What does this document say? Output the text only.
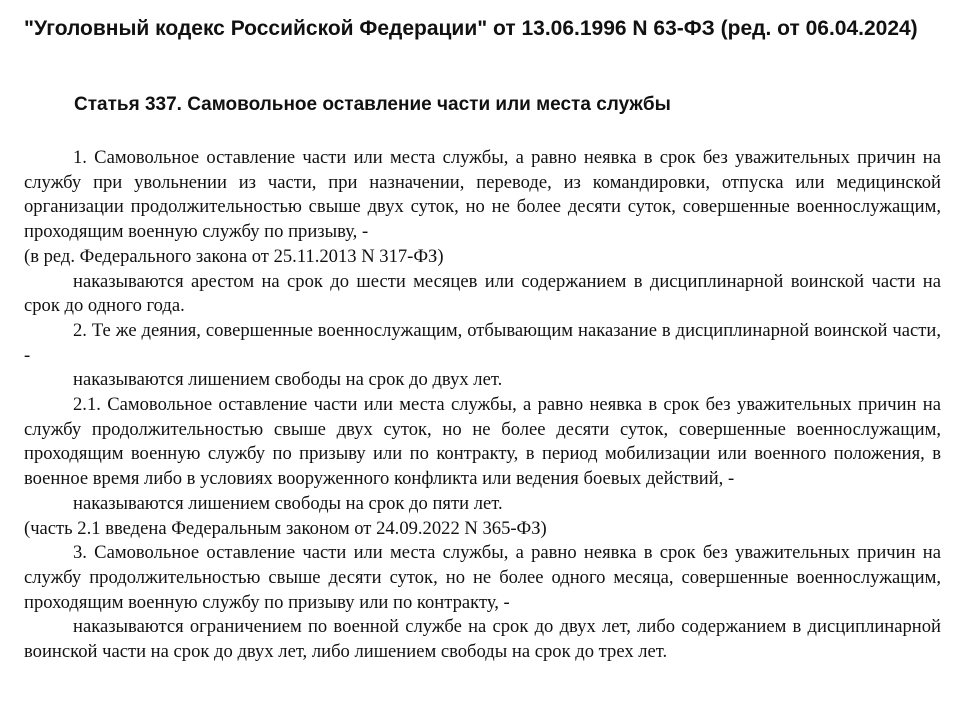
"Уголовный кодекс Российской Федерации" от 13.06.1996 N 63-ФЗ (ред. от 06.04.2024)
Статья 337. Самовольное оставление части или места службы

1. Самовольное оставление части или места службы, а равно неявка в срок без уважительных причин на службу при увольнении из части, при назначении, переводе, из командировки, отпуска или медицинской организации продолжительностью свыше двух суток, но не более десяти суток, совершенные военнослужащим, проходящим военную службу по призыву, -

(в ред. Федерального закона от 25.11.2013 N 317-ФЗ)

наказываются арестом на срок до шести месяцев или содержанием в дисциплинарной воинской части на срок до одного года.

2. Те же деяния, совершенные военнослужащим, отбывающим наказание в дисциплинарной воинской части, -

наказываются лишением свободы на срок до двух лет.

2.1. Самовольное оставление части или места службы, а равно неявка в срок без уважительных причин на службу продолжительностью свыше двух суток, но не более десяти суток, совершенные военнослужащим, проходящим военную службу по призыву или по контракту, в период мобилизации или военного положения, в военное время либо в условиях вооруженного конфликта или ведения боевых действий, -

наказываются лишением свободы на срок до пяти лет.

(часть 2.1 введена Федеральным законом от 24.09.2022 N 365-ФЗ)

3. Самовольное оставление части или места службы, а равно неявка в срок без уважительных причин на службу продолжительностью свыше десяти суток, но не более одного месяца, совершенные военнослужащим, проходящим военную службу по призыву или по контракту, -

наказываются ограничением по военной службе на срок до двух лет, либо содержанием в дисциплинарной воинской части на срок до двух лет, либо лишением свободы на срок до трех лет.
